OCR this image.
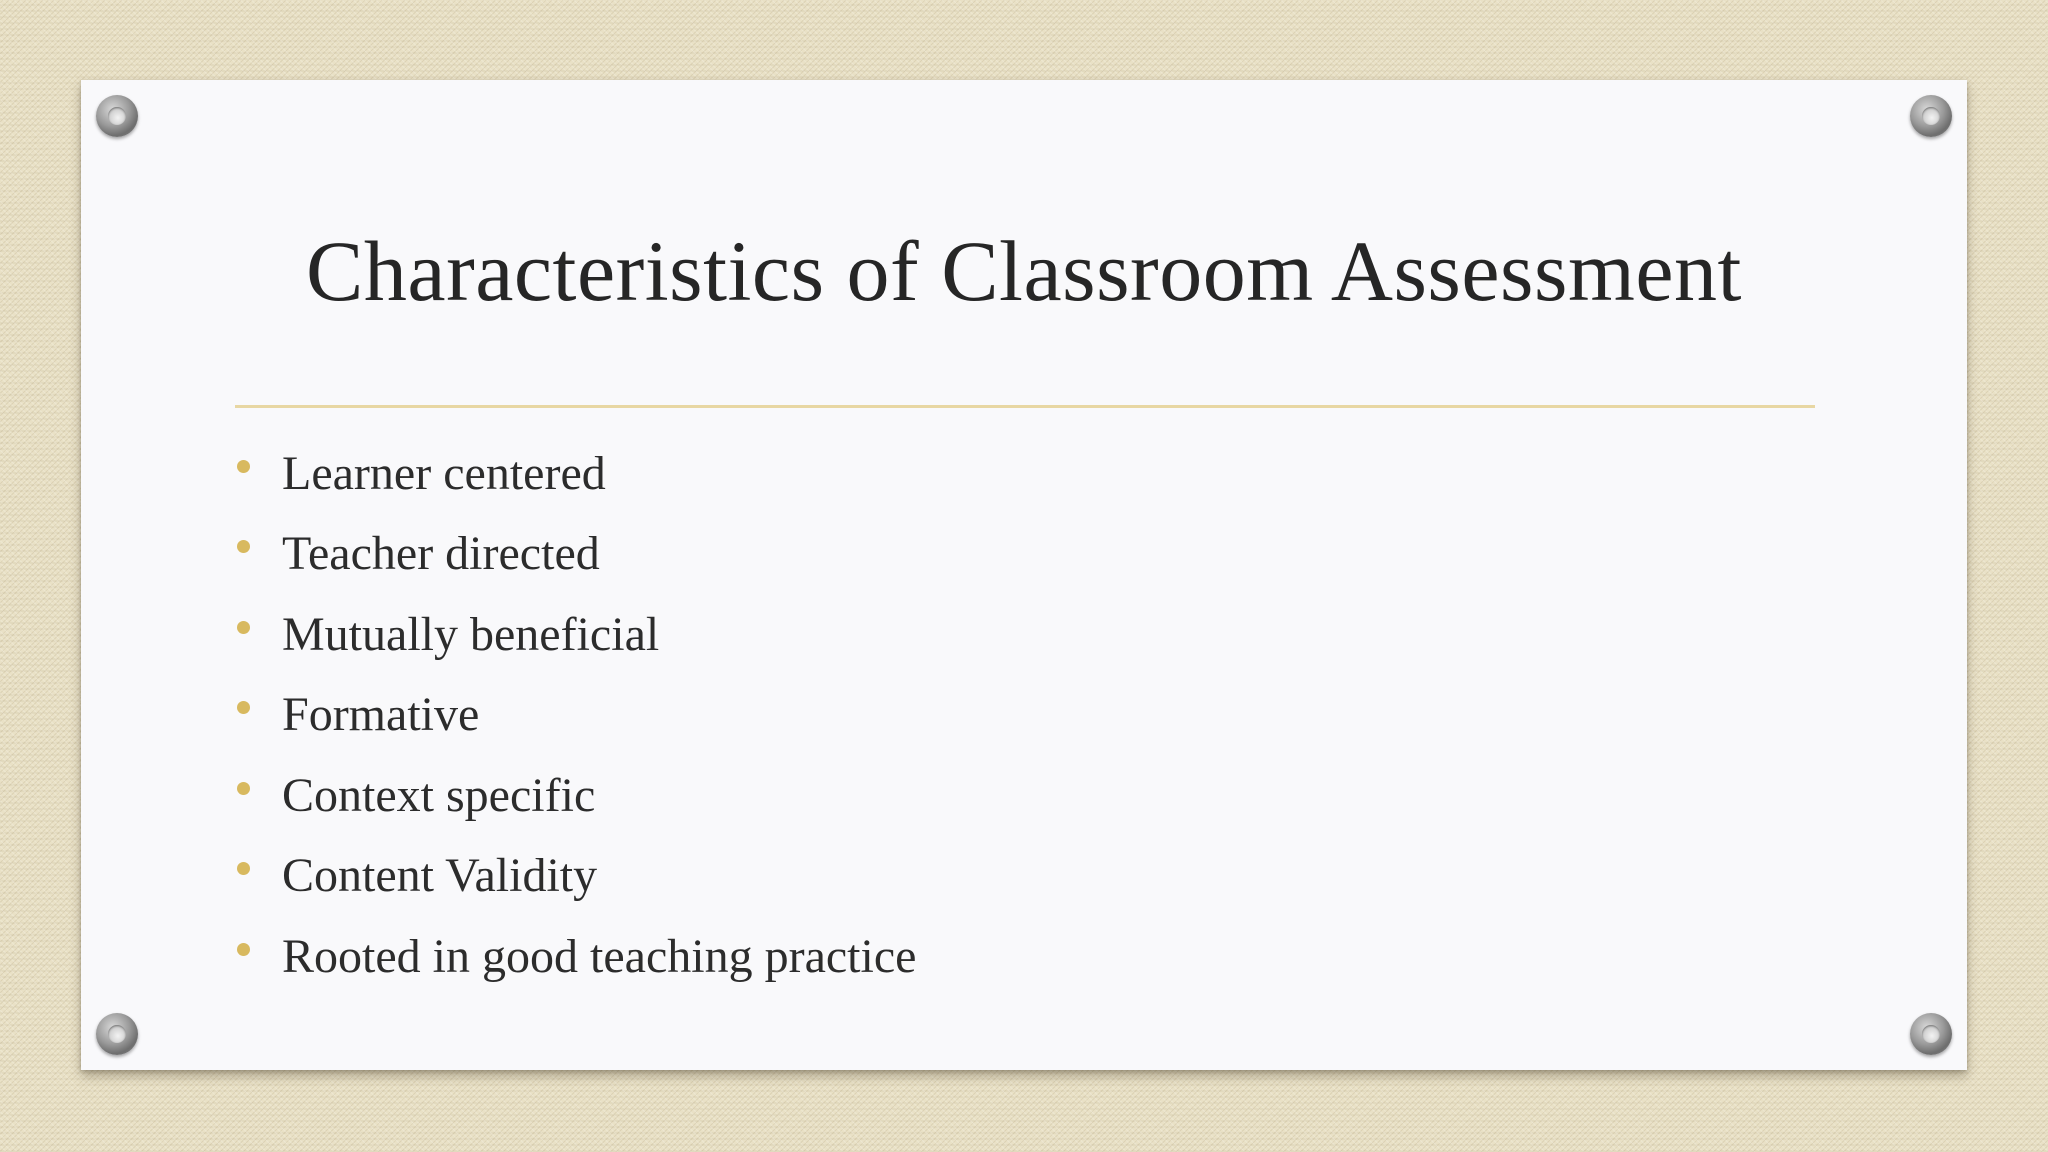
Characteristics of Classroom Assessment
Learner centered
Teacher directed
Mutually beneficial
Formative
Context specific
Content Validity
Rooted in good teaching practice
